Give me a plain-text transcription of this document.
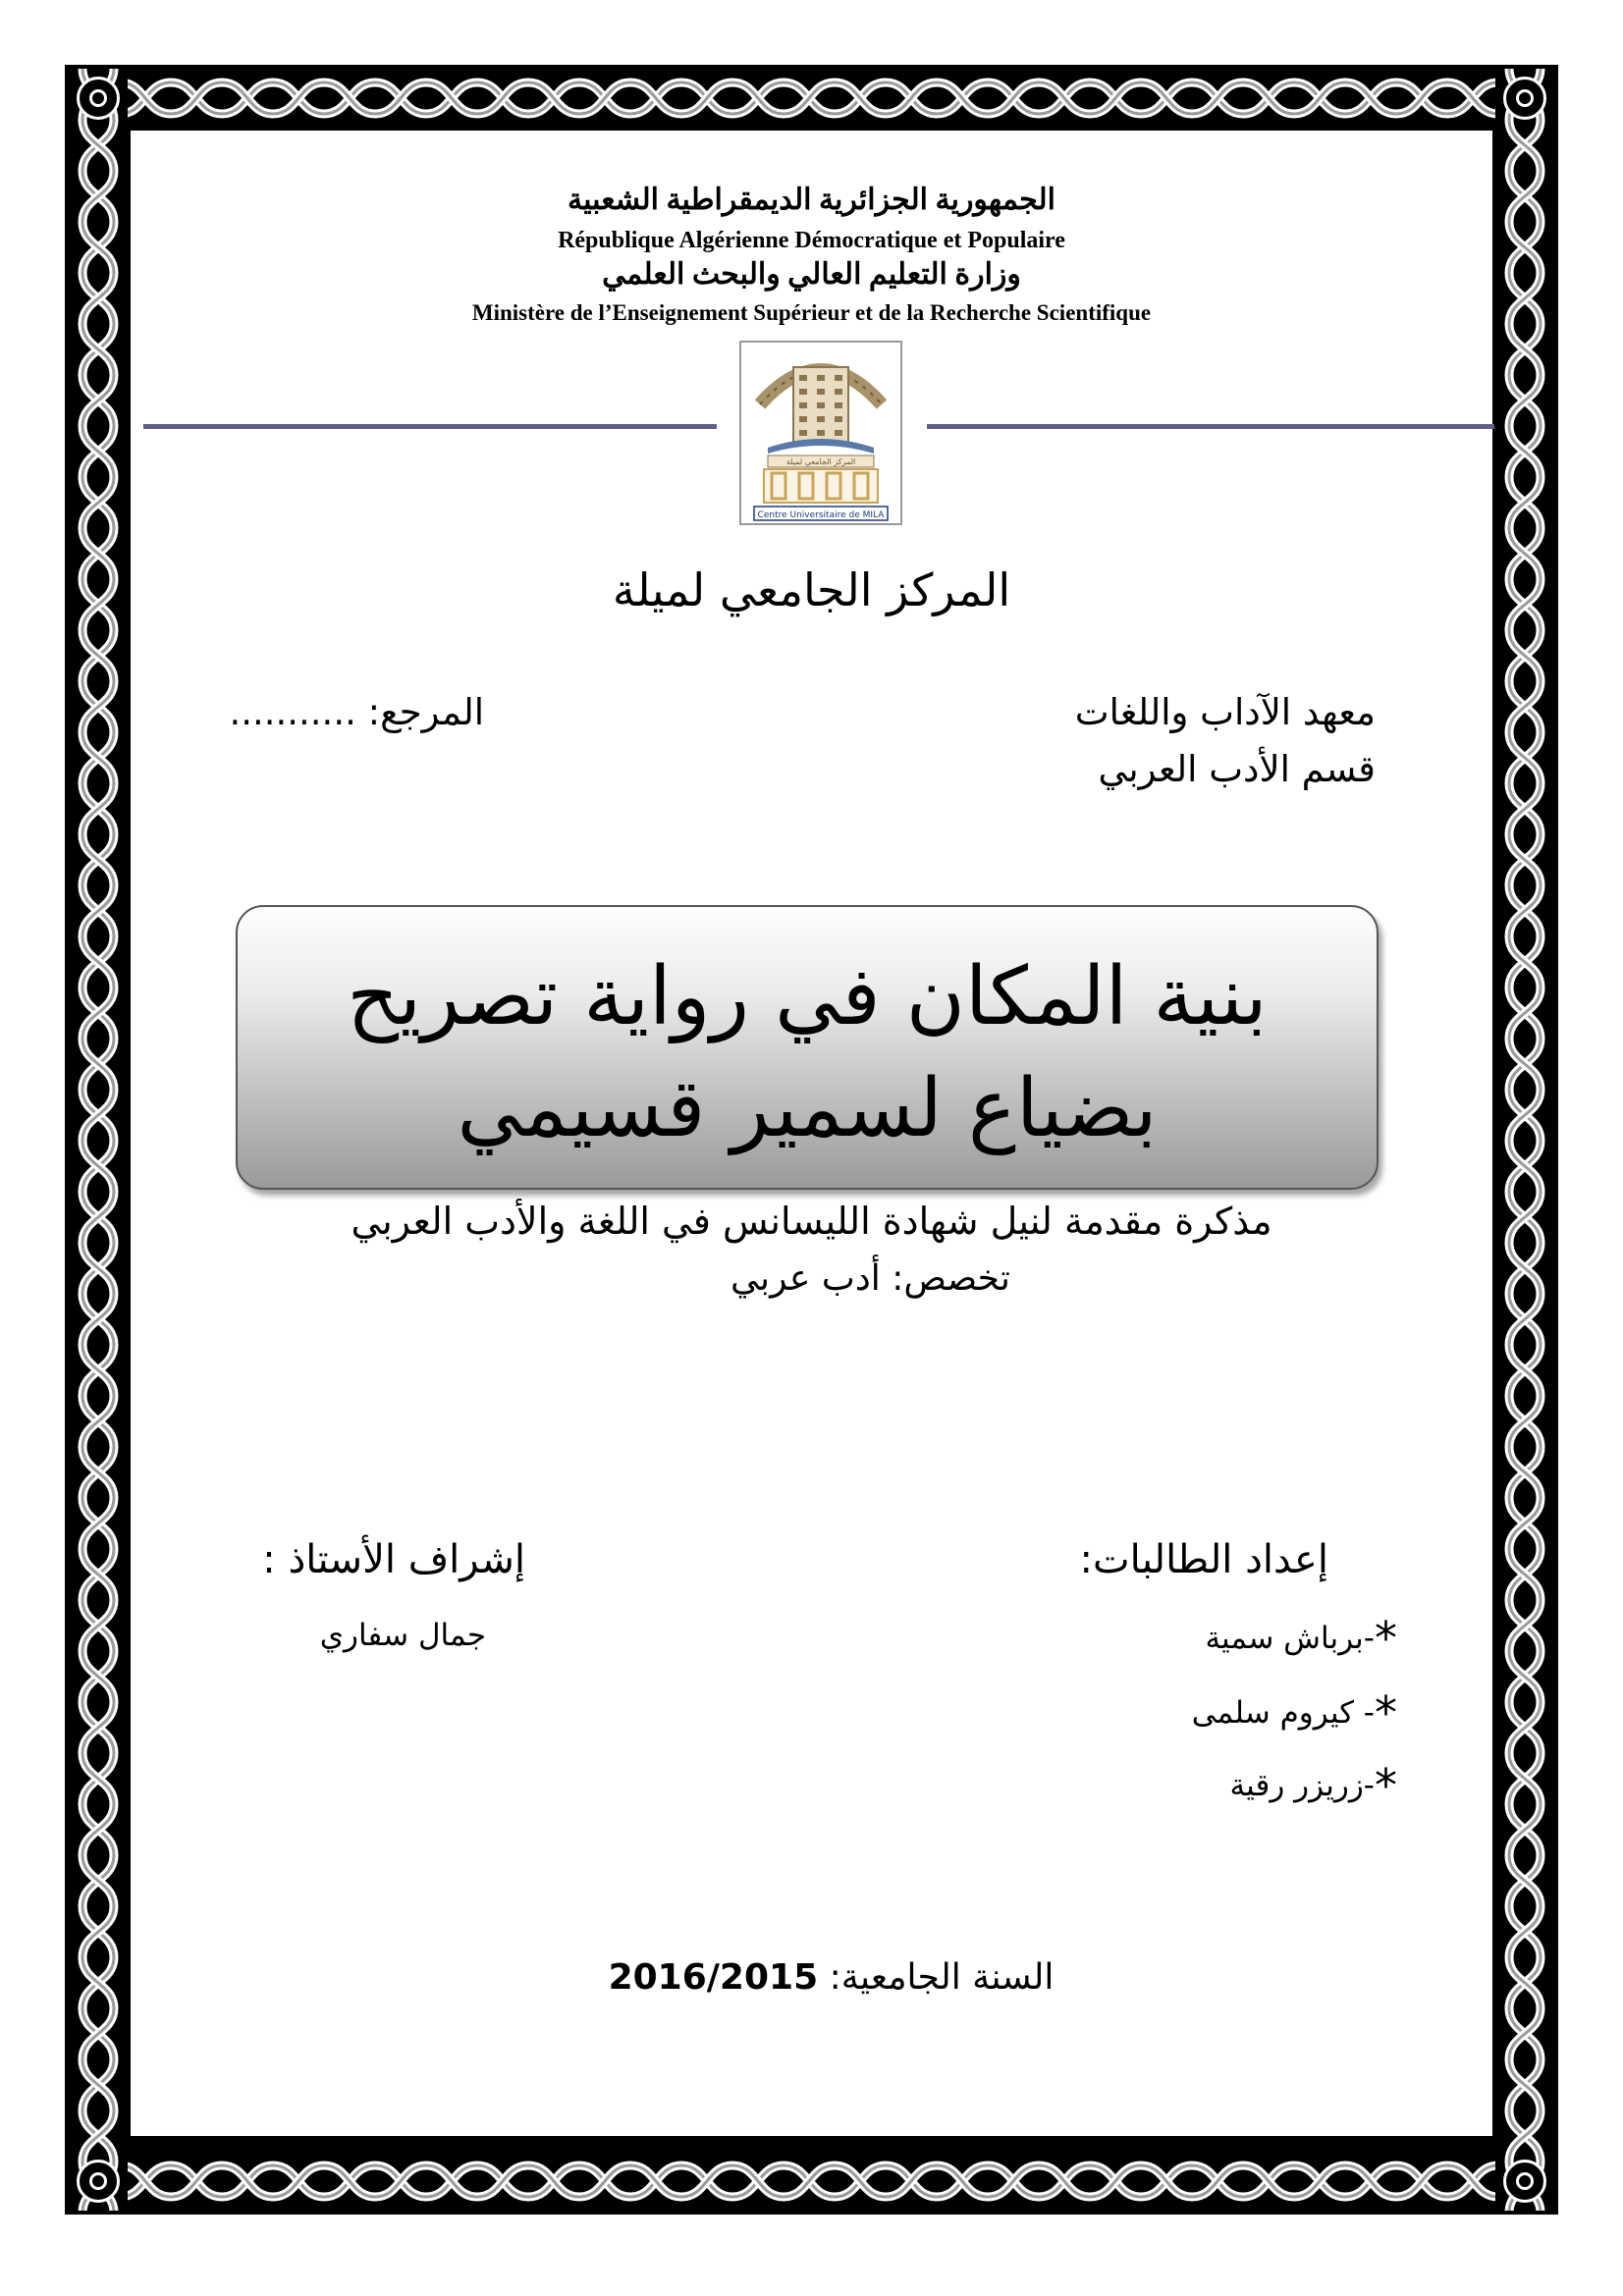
ﺍﻟﺠﻤﻬﻮﺭﻳﺔ ﺍﻟﺠﺰﺍﺋﺮﻳﺔ ﺍﻟﺪﻳﻤﻘﺮﺍﻃﻴﺔ ﺍﻟﺸﻌﺒﻴﺔ
République Algérienne Démocratique et Populaire
ﻭﺯﺍﺭﺓ ﺍﻟﺘﻌﻠﻴﻢ ﺍﻟﻌﺎﻟﻲ ﻭﺍﻟﺒﺤﺚ ﺍﻟﻌﻠﻤﻲ
Ministère de l’Enseignement Supérieur et de la Recherche Scientifique
المركز الجامعي لميلة
Centre Universitaire de MILA
المركز الجامعي لميلة
معهد الآداب واللغات
قسم الأدب العربي
المرجع: ...........
بنية المكان في رواية تصريح
بضياع لسمير قسيمي
مذكرة مقدمة لنيل شهادة الليسانس في اللغة والأدب العربي
تخصص: أدب عربي
إعداد الطالبات:
إشراف الأستاذ :
جمال سفاري	*-برباش سمية
*- كيروم سلمى
*-زريزر رقية
السنة الجامعية: 2016/2015
